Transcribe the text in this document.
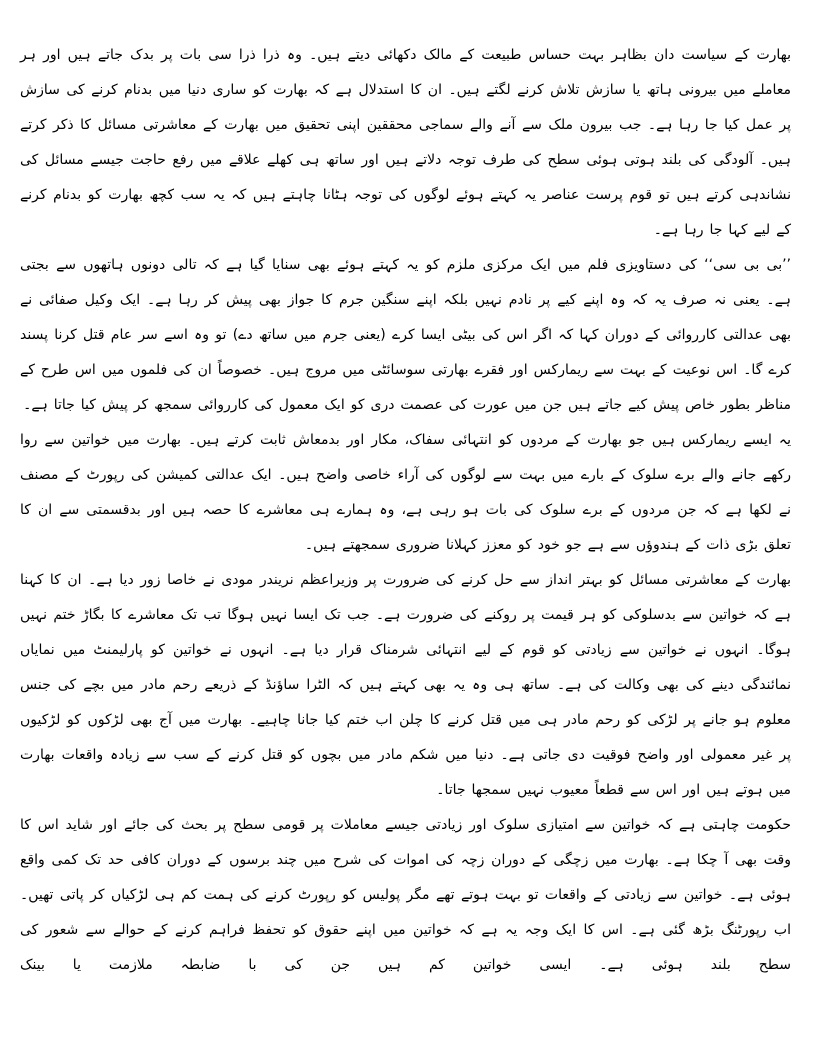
بھارت کے سیاست دان بظاہر بہت حساس طبیعت کے مالک دکھائی دیتے ہیں۔ وہ ذرا ذرا سی بات پر بدک جاتے ہیں اور ہر معاملے میں بیرونی ہاتھ یا سازش تلاش کرنے لگتے ہیں۔ ان کا استدلال ہے کہ بھارت کو ساری دنیا میں بدنام کرنے کی سازش پر عمل کیا جا رہا ہے۔ جب بیرون ملک سے آنے والے سماجی محققین اپنی تحقیق میں بھارت کے معاشرتی مسائل کا ذکر کرتے ہیں۔ آلودگی کی بلند ہوتی ہوئی سطح کی طرف توجہ دلاتے ہیں اور ساتھ ہی کھلے علاقے میں رفع حاجت جیسے مسائل کی نشاندہی کرتے ہیں تو قوم پرست عناصر یہ کہتے ہوئے لوگوں کی توجہ ہٹانا چاہتے ہیں کہ یہ سب کچھ بھارت کو بدنام کرنے کے لیے کہا جا رہا ہے۔

’’بی بی سی‘‘ کی دستاویزی فلم میں ایک مرکزی ملزم کو یہ کہتے ہوئے بھی سنایا گیا ہے کہ تالی دونوں ہاتھوں سے بجتی ہے۔ یعنی نہ صرف یہ کہ وہ اپنے کیے پر نادم نہیں بلکہ اپنے سنگین جرم کا جواز بھی پیش کر رہا ہے۔ ایک وکیل صفائی نے بھی عدالتی کارروائی کے دوران کہا کہ اگر اس کی بیٹی ایسا کرے (یعنی جرم میں ساتھ دے) تو وہ اسے سر عام قتل کرنا پسند کرے گا۔ اس نوعیت کے بہت سے ریمارکس اور فقرے بھارتی سوسائٹی میں مروج ہیں۔ خصوصاً ان کی فلموں میں اس طرح کے مناظر بطور خاص پیش کیے جاتے ہیں جن میں عورت کی عصمت دری کو ایک معمول کی کارروائی سمجھ کر پیش کیا جاتا ہے۔

یہ ایسے ریمارکس ہیں جو بھارت کے مردوں کو انتہائی سفاک، مکار اور بدمعاش ثابت کرتے ہیں۔ بھارت میں خواتین سے روا رکھے جانے والے برے سلوک کے بارے میں بہت سے لوگوں کی آراء خاصی واضح ہیں۔ ایک عدالتی کمیشن کی رپورٹ کے مصنف نے لکھا ہے کہ جن مردوں کے برے سلوک کی بات ہو رہی ہے، وہ ہمارے ہی معاشرے کا حصہ ہیں اور بدقسمتی سے ان کا تعلق بڑی ذات کے ہندوؤں سے ہے جو خود کو معزز کہلانا ضروری سمجھتے ہیں۔

بھارت کے معاشرتی مسائل کو بہتر انداز سے حل کرنے کی ضرورت پر وزیراعظم نریندر مودی نے خاصا زور دیا ہے۔ ان کا کہنا ہے کہ خواتین سے بدسلوکی کو ہر قیمت پر روکنے کی ضرورت ہے۔ جب تک ایسا نہیں ہوگا تب تک معاشرے کا بگاڑ ختم نہیں ہوگا۔ انہوں نے خواتین سے زیادتی کو قوم کے لیے انتہائی شرمناک قرار دیا ہے۔ انہوں نے خواتین کو پارلیمنٹ میں نمایاں نمائندگی دینے کی بھی وکالت کی ہے۔ ساتھ ہی وہ یہ بھی کہتے ہیں کہ الٹرا ساؤنڈ کے ذریعے رحم مادر میں بچے کی جنس معلوم ہو جانے پر لڑکی کو رحم مادر ہی میں قتل کرنے کا چلن اب ختم کیا جانا چاہیے۔ بھارت میں آج بھی لڑکوں کو لڑکیوں پر غیر معمولی اور واضح فوقیت دی جاتی ہے۔ دنیا میں شکم مادر میں بچوں کو قتل کرنے کے سب سے زیادہ واقعات بھارت میں ہوتے ہیں اور اس سے قطعاً معیوب نہیں سمجھا جاتا۔

حکومت چاہتی ہے کہ خواتین سے امتیازی سلوک اور زیادتی جیسے معاملات پر قومی سطح پر بحث کی جائے اور شاید اس کا وقت بھی آ چکا ہے۔ بھارت میں زچگی کے دوران زچہ کی اموات کی شرح میں چند برسوں کے دوران کافی حد تک کمی واقع ہوئی ہے۔ خواتین سے زیادتی کے واقعات تو بہت ہوتے تھے مگر پولیس کو رپورٹ کرنے کی ہمت کم ہی لڑکیاں کر پاتی تھیں۔ اب رپورٹنگ بڑھ گئی ہے۔ اس کا ایک وجہ یہ ہے کہ خواتین میں اپنے حقوق کو تحفظ فراہم کرنے کے حوالے سے شعور کی سطح بلند ہوئی ہے۔ ایسی خواتین کم ہیں جن کی با ضابطہ ملازمت یا بینک
